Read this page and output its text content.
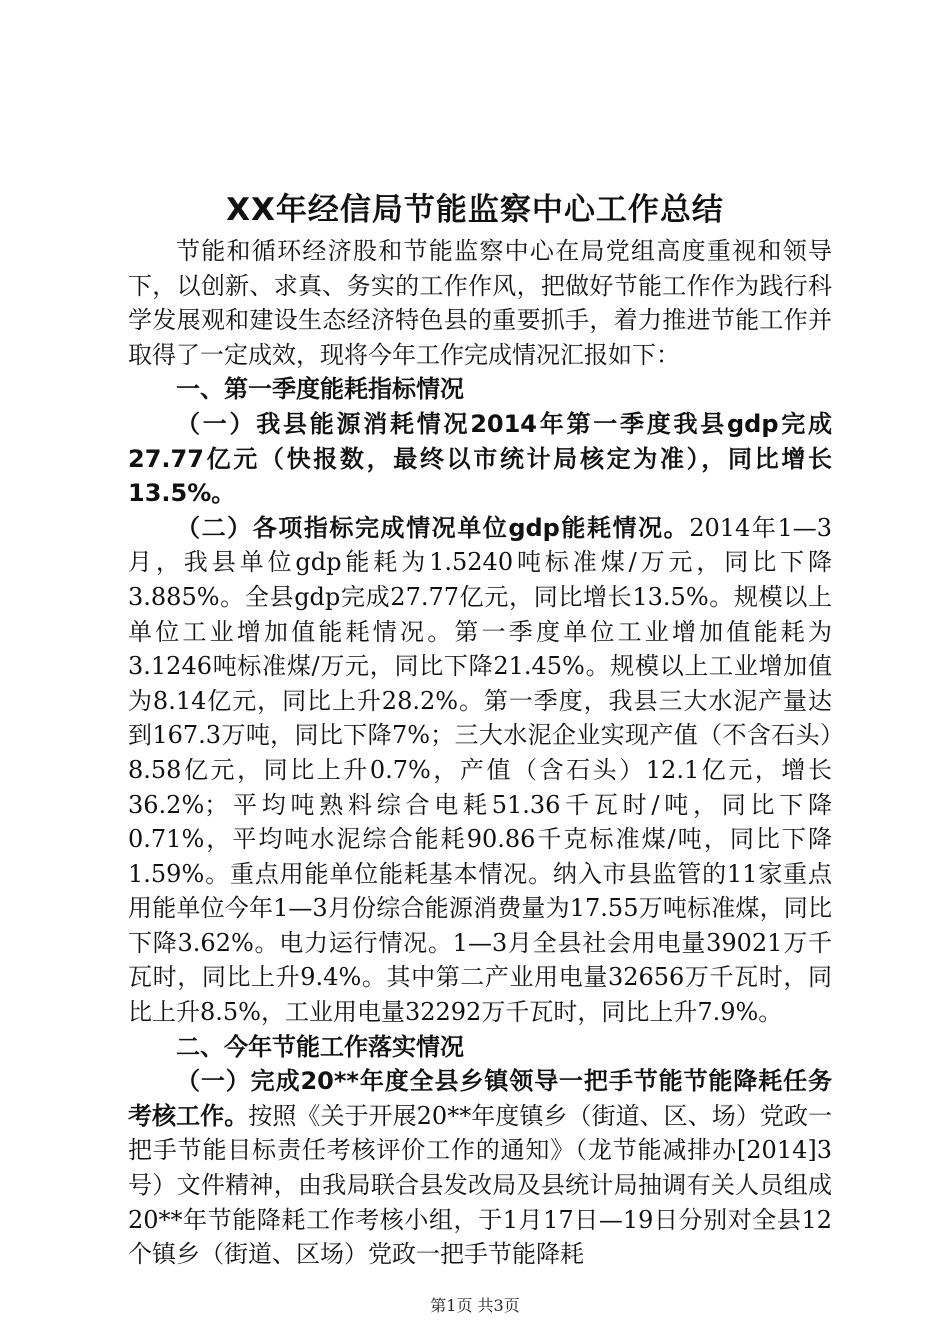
XX年经信局节能监察中心工作总结

节能和循环经济股和节能监察中心在局党组高度重视和领导下，以创新、求真、务实的工作作风，把做好节能工作作为践行科学发展观和建设生态经济特色县的重要抓手，着力推进节能工作并取得了一定成效，现将今年工作完成情况汇报如下：

一、第一季度能耗指标情况

（一）我县能源消耗情况2014年第一季度我县gdp完成27.77亿元（快报数，最终以市统计局核定为准），同比增长13.5%。

（二）各项指标完成情况单位gdp能耗情况。2014年1—3月，我县单位gdp能耗为1.5240吨标准煤/万元，同比下降3.885%。全县gdp完成27.77亿元，同比增长13.5%。规模以上单位工业增加值能耗情况。第一季度单位工业增加值能耗为3.1246吨标准煤/万元，同比下降21.45%。规模以上工业增加值为8.14亿元，同比上升28.2%。第一季度，我县三大水泥产量达到167.3万吨，同比下降7%；三大水泥企业实现产值（不含石头）8.58亿元，同比上升0.7%，产值（含石头）12.1亿元，增长36.2%；平均吨熟料综合电耗51.36千瓦时/吨，同比下降0.71%，平均吨水泥综合能耗90.86千克标准煤/吨，同比下降1.59%。重点用能单位能耗基本情况。纳入市县监管的11家重点用能单位今年1—3月份综合能源消费量为17.55万吨标准煤，同比下降3.62%。电力运行情况。1—3月全县社会用电量39021万千瓦时，同比上升9.4%。其中第二产业用电量32656万千瓦时，同比上升8.5%，工业用电量32292万千瓦时，同比上升7.9%。

二、今年节能工作落实情况

（一）完成20**年度全县乡镇领导一把手节能节能降耗任务考核工作。按照《关于开展20**年度镇乡（街道、区、场）党政一把手节能目标责任考核评价工作的通知》（龙节能减排办[2014]3号）文件精神，由我局联合县发改局及县统计局抽调有关人员组成20**年节能降耗工作考核小组，于1月17日—19日分别对全县12个镇乡（街道、区场）党政一把手节能降耗

第1页 共3页
